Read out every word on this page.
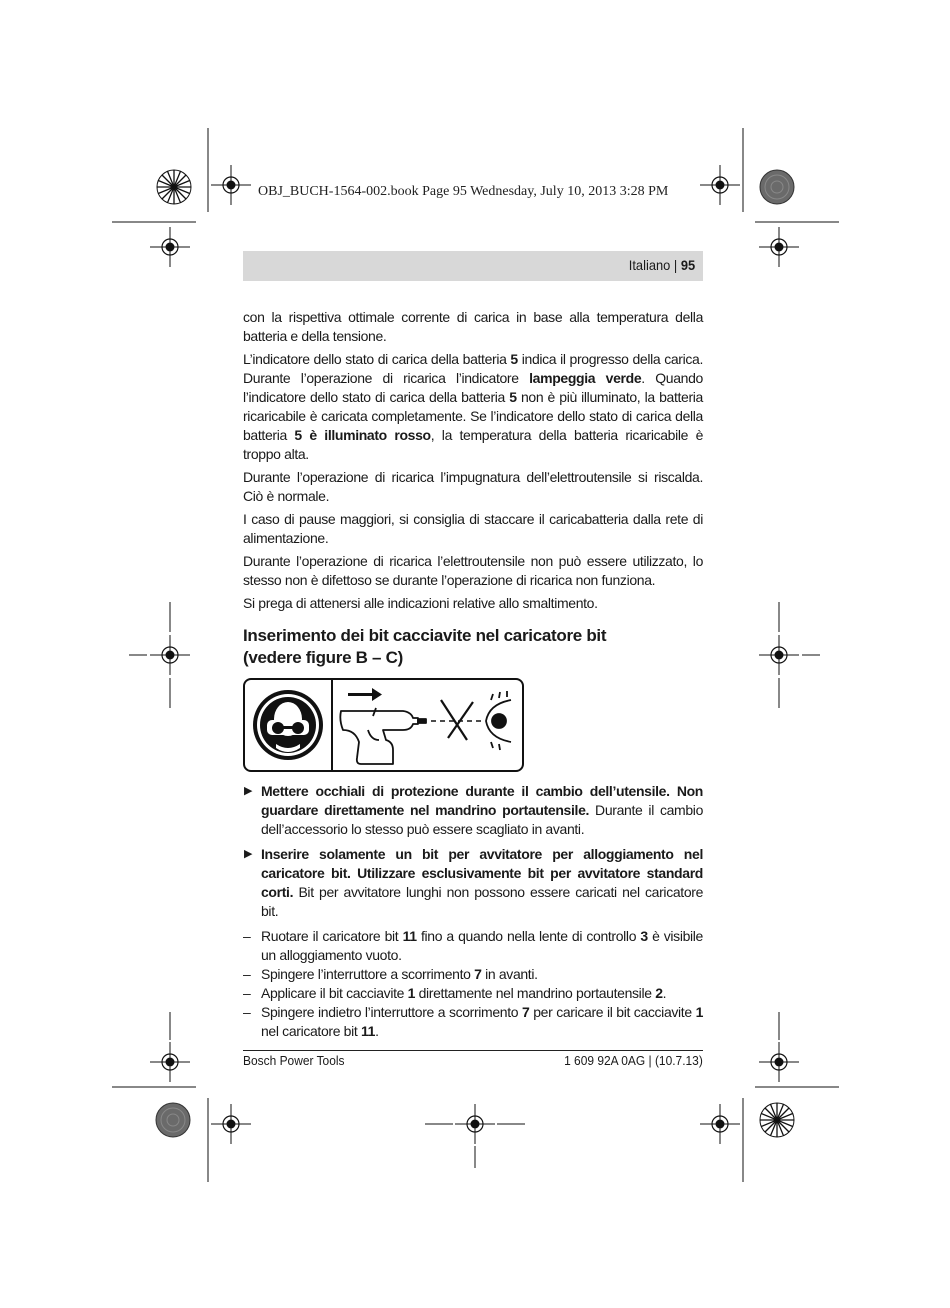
OBJ_BUCH-1564-002.book Page 95 Wednesday, July 10, 2013 3:28 PM
Italiano | 95

con la rispettiva ottimale corrente di carica in base alla temperatura della batteria e della tensione.

L’indicatore dello stato di carica della batteria 5 indica il progresso della carica. Durante l’operazione di ricarica l’indicatore lampeggia verde. Quando l’indicatore dello stato di carica della batteria 5 non è più illuminato, la batteria ricaricabile è caricata completamente. Se l’indicatore dello stato di carica della batteria 5 è illuminato rosso, la temperatura della batteria ricaricabile è troppo alta.

Durante l’operazione di ricarica l’impugnatura dell’elettroutensile si riscalda. Ciò è normale.

I caso di pause maggiori, si consiglia di staccare il caricabatteria dalla rete di alimentazione.

Durante l’operazione di ricarica l’elettroutensile non può essere utilizzato, lo stesso non è difettoso se durante l’operazione di ricarica non funziona.

Si prega di attenersi alle indicazioni relative allo smaltimento.

Inserimento dei bit cacciavite nel caricatore bit
(vedere figure B – C)
▶ Mettere occhiali di protezione durante il cambio dell’utensile. Non guardare direttamente nel mandrino portautensile. Durante il cambio dell’accessorio lo stesso può essere scagliato in avanti.
▶ Inserire solamente un bit per avvitatore per alloggiamento nel caricatore bit. Utilizzare esclusivamente bit per avvitatore standard corti. Bit per avvitatore lunghi non possono essere caricati nel caricatore bit.
– Ruotare il caricatore bit 11 fino a quando nella lente di controllo 3 è visibile un alloggiamento vuoto.
– Spingere l’interruttore a scorrimento 7 in avanti.
– Applicare il bit cacciavite 1 direttamente nel mandrino portautensile 2.
– Spingere indietro l’interruttore a scorrimento 7 per caricare il bit cacciavite 1 nel caricatore bit 11.
Bosch Power Tools	1 609 92A 0AG | (10.7.13)
